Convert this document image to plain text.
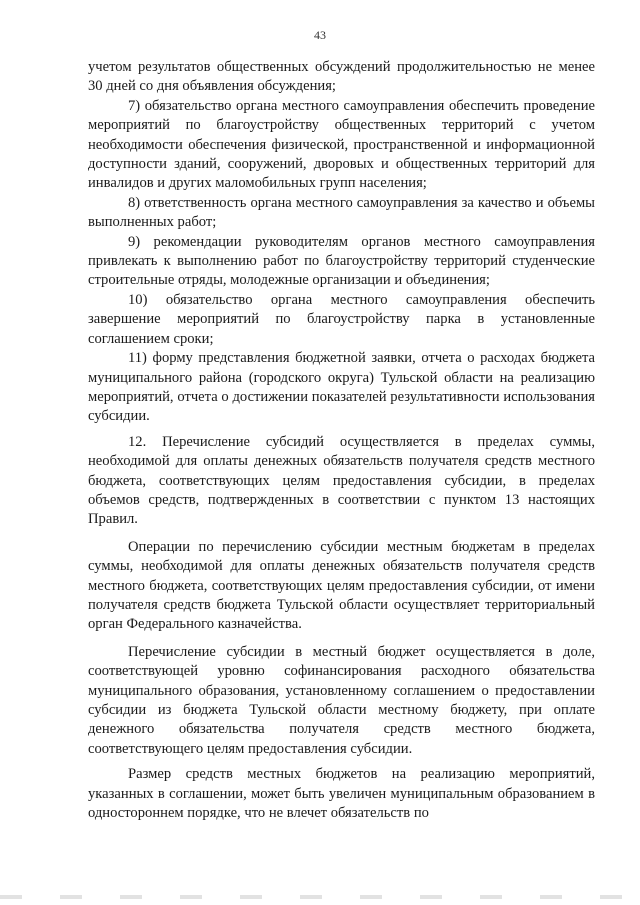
43

учетом результатов общественных обсуждений продолжительностью не менее 30 дней со дня объявления обсуждения;

7) обязательство органа местного самоуправления обеспечить проведение мероприятий по благоустройству общественных территорий с учетом необходимости обеспечения физической, пространственной и информационной доступности зданий, сооружений, дворовых и общественных территорий для инвалидов и других маломобильных групп населения;

8) ответственность органа местного самоуправления за качество и объемы выполненных работ;

9) рекомендации руководителям органов местного самоуправления привлекать к выполнению работ по благоустройству территорий студенческие строительные отряды, молодежные организации и объединения;

10) обязательство органа местного самоуправления обеспечить завершение мероприятий по благоустройству парка в установленные соглашением сроки;

11) форму представления бюджетной заявки, отчета о расходах бюджета муниципального района (городского округа) Тульской области на реализацию мероприятий, отчета о достижении показателей результативности использования субсидии.

12. Перечисление субсидий осуществляется в пределах суммы, необходимой для оплаты денежных обязательств получателя средств местного бюджета, соответствующих целям предоставления субсидии, в пределах объемов средств, подтвержденных в соответствии с пунктом 13 настоящих Правил.

Операции по перечислению субсидии местным бюджетам в пределах суммы, необходимой для оплаты денежных обязательств получателя средств местного бюджета, соответствующих целям предоставления субсидии, от имени получателя средств бюджета Тульской области осуществляет территориальный орган Федерального казначейства.

Перечисление субсидии в местный бюджет осуществляется в доле, соответствующей уровню софинансирования расходного обязательства муниципального образования, установленному соглашением о предоставлении субсидии из бюджета Тульской области местному бюджету, при оплате денежного обязательства получателя средств местного бюджета, соответствующего целям предоставления субсидии.

Размер средств местных бюджетов на реализацию мероприятий, указанных в соглашении, может быть увеличен муниципальным образованием в одностороннем порядке, что не влечет обязательств по
